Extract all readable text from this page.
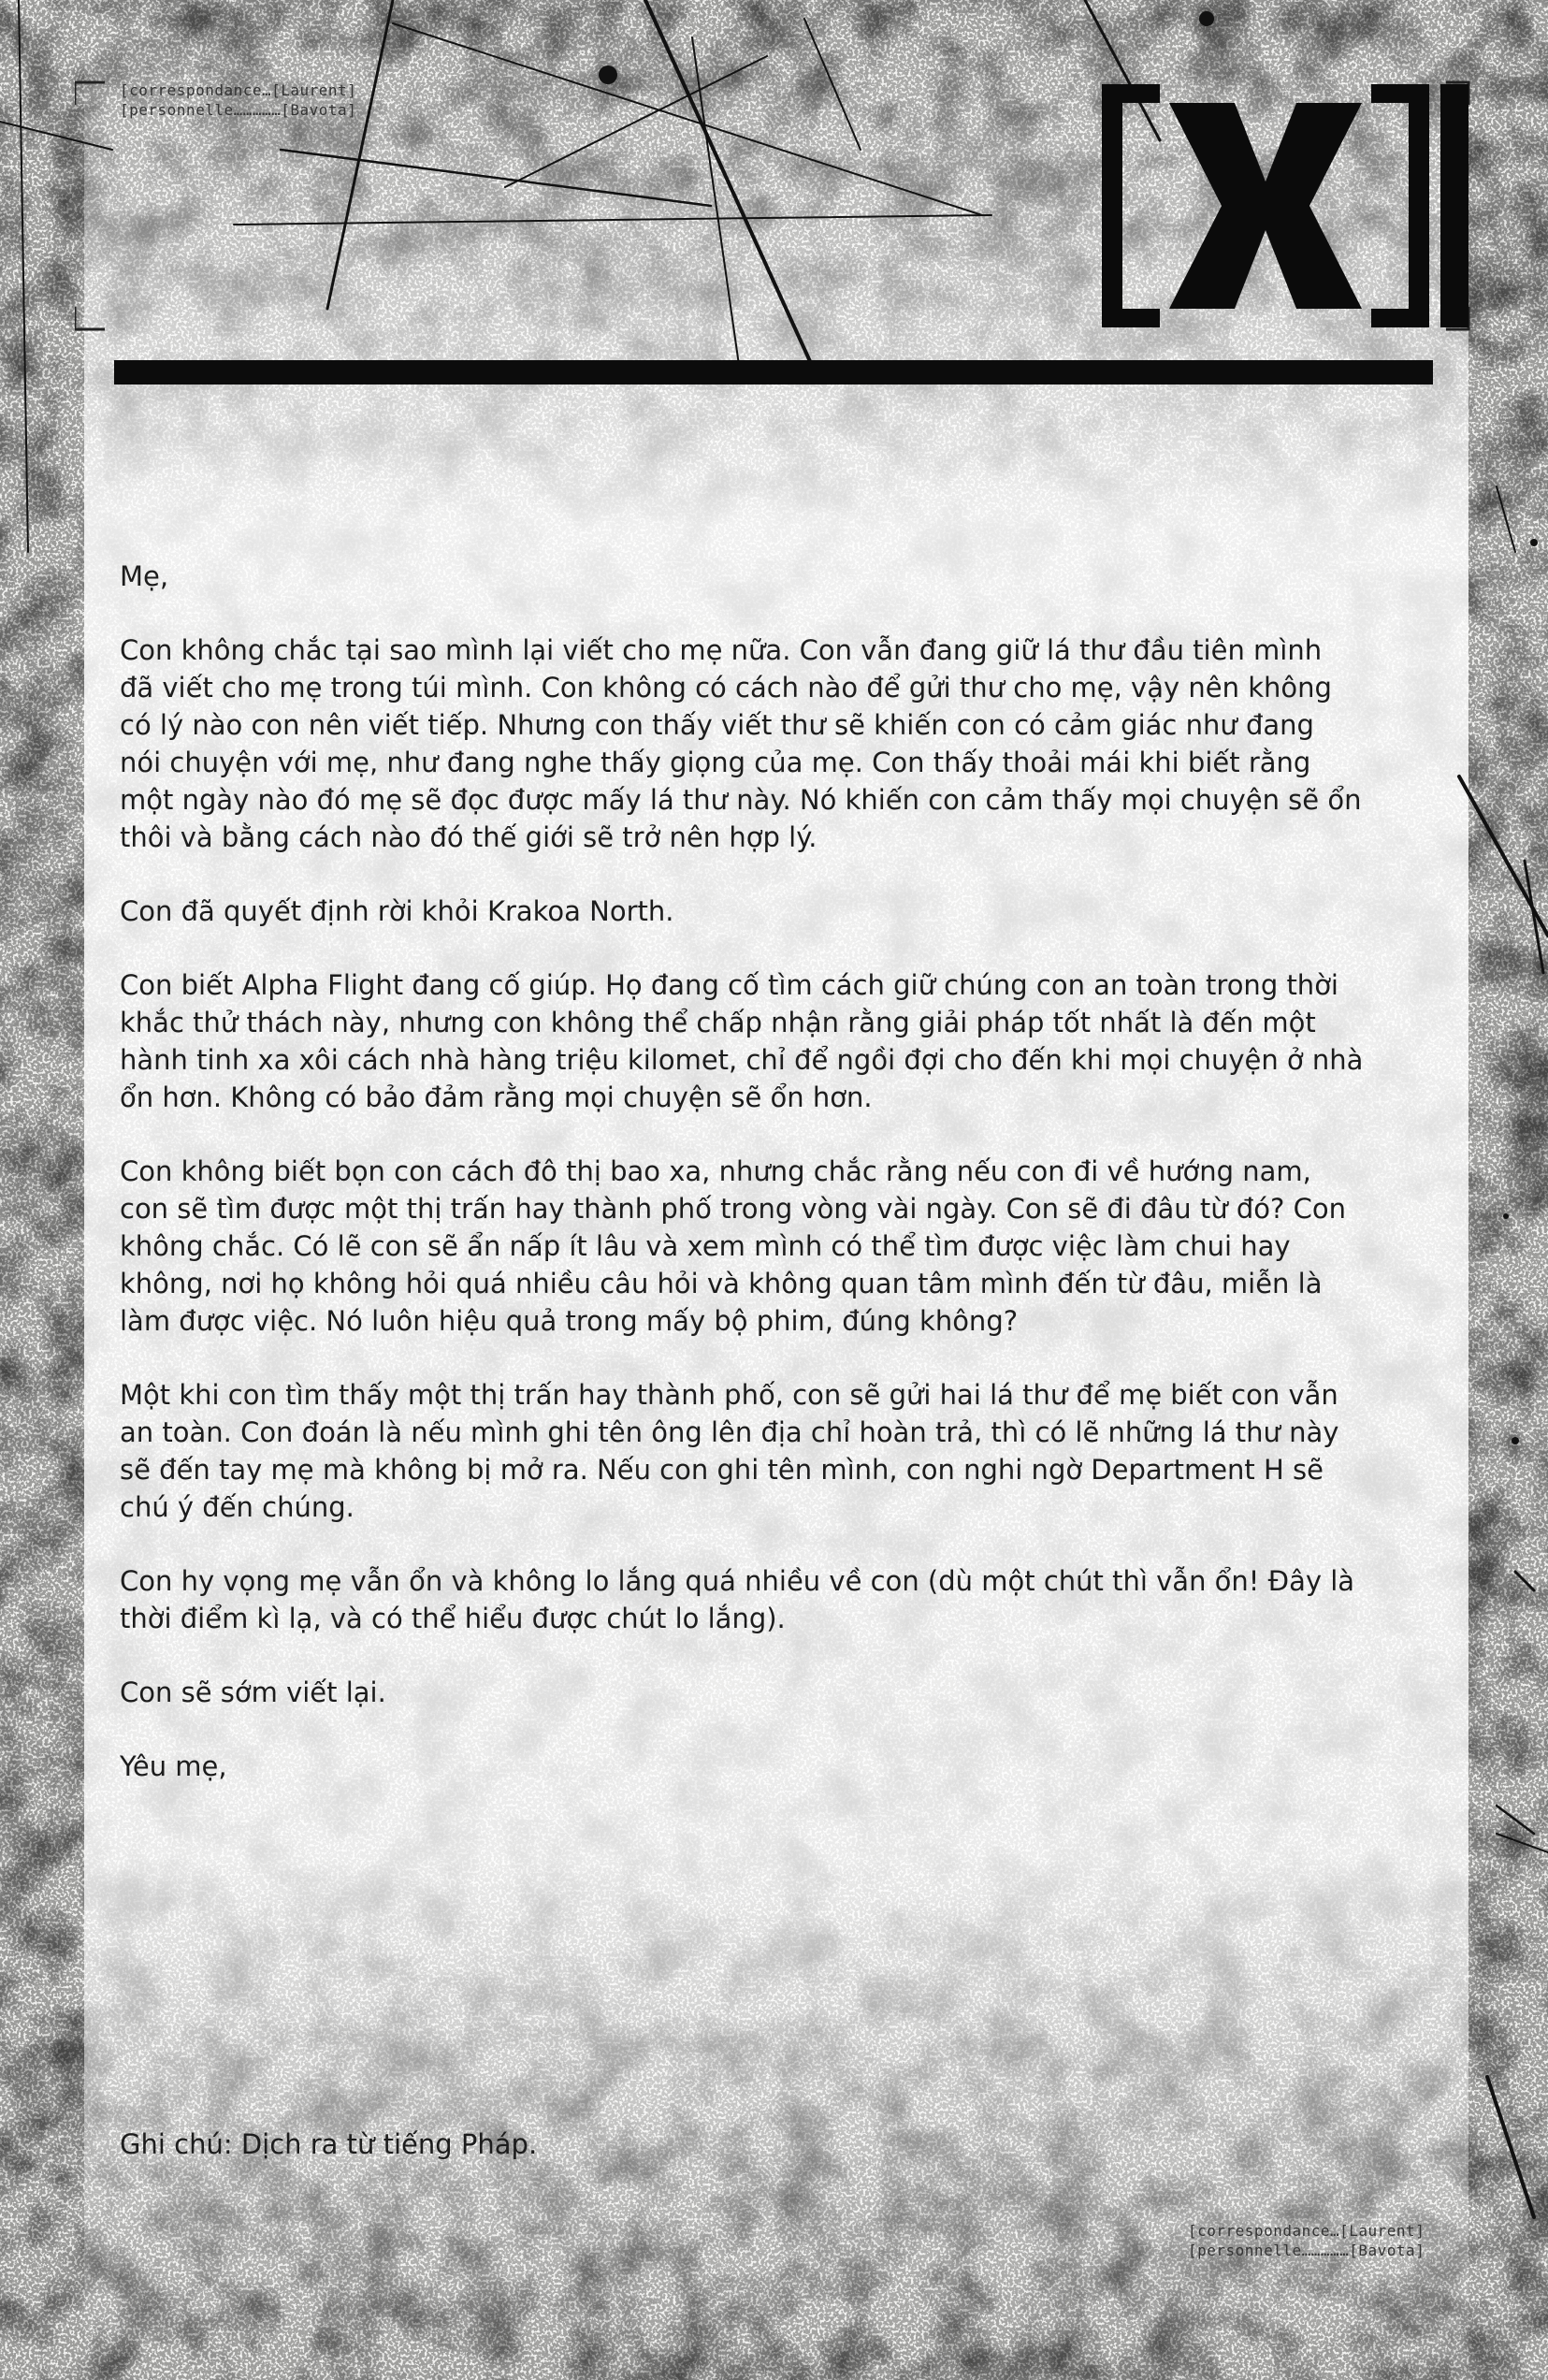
[correspondance…[Laurent]
[personnelle……………[Bavota]

Mẹ,

Con không chắc tại sao mình lại viết cho mẹ nữa. Con vẫn đang giữ lá thư đầu tiên mình đã viết cho mẹ trong túi mình. Con không có cách nào để gửi thư cho mẹ, vậy nên không có lý nào con nên viết tiếp. Nhưng con thấy viết thư sẽ khiến con có cảm giác như đang nói chuyện với mẹ, như đang nghe thấy giọng của mẹ. Con thấy thoải mái khi biết rằng một ngày nào đó mẹ sẽ đọc được mấy lá thư này. Nó khiến con cảm thấy mọi chuyện sẽ ổn thôi và bằng cách nào đó thế giới sẽ trở nên hợp lý.

Con đã quyết định rời khỏi Krakoa North.

Con biết Alpha Flight đang cố giúp. Họ đang cố tìm cách giữ chúng con an toàn trong thời khắc thử thách này, nhưng con không thể chấp nhận rằng giải pháp tốt nhất là đến một hành tinh xa xôi cách nhà hàng triệu kilomet, chỉ để ngồi đợi cho đến khi mọi chuyện ở nhà ổn hơn. Không có bảo đảm rằng mọi chuyện sẽ ổn hơn.

Con không biết bọn con cách đô thị bao xa, nhưng chắc rằng nếu con đi về hướng nam, con sẽ tìm được một thị trấn hay thành phố trong vòng vài ngày. Con sẽ đi đâu từ đó? Con không chắc. Có lẽ con sẽ ẩn nấp ít lâu và xem mình có thể tìm được việc làm chui hay không, nơi họ không hỏi quá nhiều câu hỏi và không quan tâm mình đến từ đâu, miễn là làm được việc. Nó luôn hiệu quả trong mấy bộ phim, đúng không?

Một khi con tìm thấy một thị trấn hay thành phố, con sẽ gửi hai lá thư để mẹ biết con vẫn an toàn. Con đoán là nếu mình ghi tên ông lên địa chỉ hoàn trả, thì có lẽ những lá thư này sẽ đến tay mẹ mà không bị mở ra. Nếu con ghi tên mình, con nghi ngờ Department H sẽ chú ý đến chúng.

Con hy vọng mẹ vẫn ổn và không lo lắng quá nhiều về con (dù một chút thì vẫn ổn! Đây là thời điểm kì lạ, và có thể hiểu được chút lo lắng).

Con sẽ sớm viết lại.

Yêu mẹ,

Ghi chú: Dịch ra từ tiếng Pháp.
[correspondance…[Laurent]
[personnelle……………[Bavota]
